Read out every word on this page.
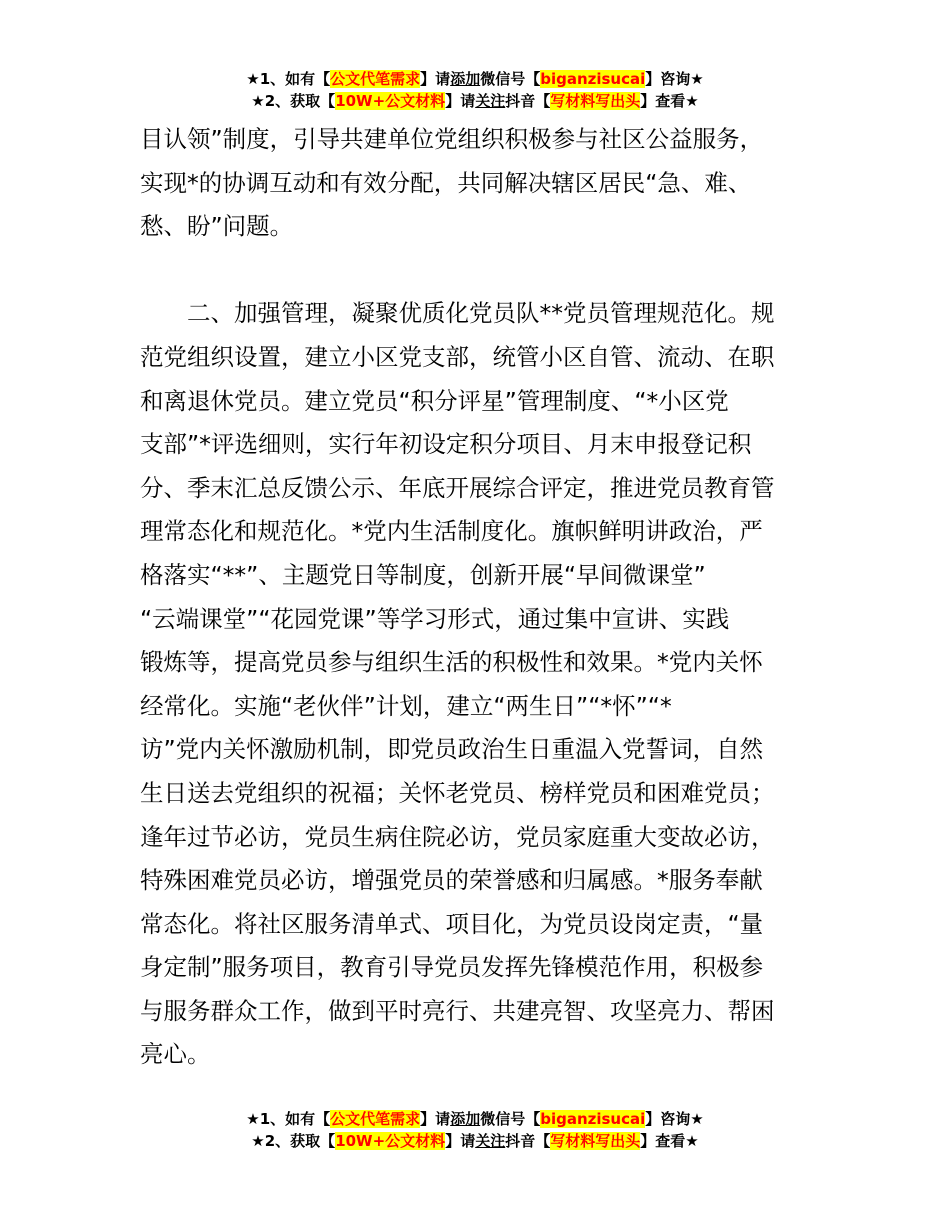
★1、如有【公文代笔需求】请添加微信号【biganzisucai】咨询★
★2、获取【10W+公文材料】请关注抖音【写材料写出头】查看★
目认领”制度，引导共建单位党组织积极参与社区公益服务，
实现*的协调互动和有效分配，共同解决辖区居民“急、难、
愁、盼”问题。
　　二、加强管理，凝聚优质化党员队**党员管理规范化。规
范党组织设置，建立小区党支部，统管小区自管、流动、在职
和离退休党员。建立党员“积分评星”管理制度、“*小区党
支部”*评选细则，实行年初设定积分项目、月末申报登记积
分、季末汇总反馈公示、年底开展综合评定，推进党员教育管
理常态化和规范化。*党内生活制度化。旗帜鲜明讲政治，严
格落实“**”、主题党日等制度，创新开展“早间微课堂”
“云端课堂”“花园党课”等学习形式，通过集中宣讲、实践
锻炼等，提高党员参与组织生活的积极性和效果。*党内关怀
经常化。实施“老伙伴”计划，建立“两生日”“*怀”“*
访”党内关怀激励机制，即党员政治生日重温入党誓词，自然
生日送去党组织的祝福；关怀老党员、榜样党员和困难党员；
逢年过节必访，党员生病住院必访，党员家庭重大变故必访，
特殊困难党员必访，增强党员的荣誉感和归属感。*服务奉献
常态化。将社区服务清单式、项目化，为党员设岗定责，“量
身定制”服务项目，教育引导党员发挥先锋模范作用，积极参
与服务群众工作，做到平时亮行、共建亮智、攻坚亮力、帮困
亮心。
★1、如有【公文代笔需求】请添加微信号【biganzisucai】咨询★
★2、获取【10W+公文材料】请关注抖音【写材料写出头】查看★
